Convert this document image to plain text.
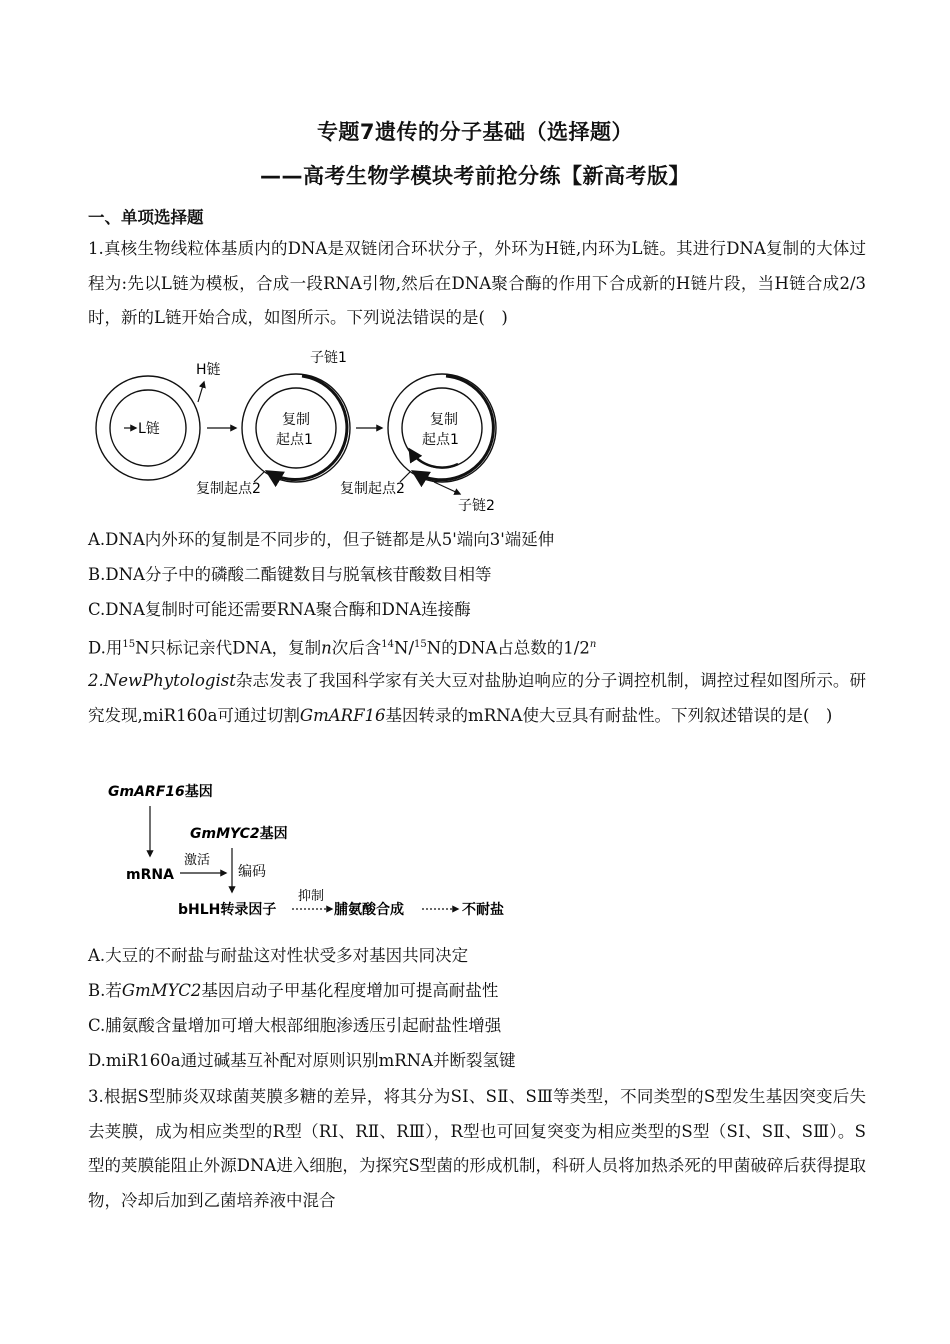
专题7遗传的分子基础（选择题）
——高考生物学模块考前抢分练【新高考版】
一、单项选择题
1.真核生物线粒体基质内的DNA是双链闭合环状分子，外环为H链,内环为L链。其进行DNA复制的大体过程为:先以L链为模板，合成一段RNA引物,然后在DNA聚合酶的作用下合成新的H链片段，当H链合成2/3时，新的L链开始合成，如图所示。下列说法错误的是(　)
L链
H链
复制
起点1
子链1
复制起点2
复制
起点1
复制起点2
子链2
A.DNA内外环的复制是不同步的，但子链都是从5'端向3'端延伸
B.DNA分子中的磷酸二酯键数目与脱氧核苷酸数目相等
C.DNA复制时可能还需要RNA聚合酶和DNA连接酶
D.用$^{15}$N只标记亲代DNA，复制n次后含$^{14}$N/$^{15}$N的DNA占总数的1/2$^n$
2.NewPhytologist杂志发表了我国科学家有关大豆对盐胁迫响应的分子调控机制，调控过程如图所示。研究发现,miR160a可通过切割GmARF16基因转录的mRNA使大豆具有耐盐性。下列叙述错误的是(　)
GmARF16基因
GmMYC2基因
mRNA
激活
编码
bHLH转录因子
抑制
脯氨酸合成	不耐盐
A.大豆的不耐盐与耐盐这对性状受多对基因共同决定
B.若GmMYC2基因启动子甲基化程度增加可提高耐盐性
C.脯氨酸含量增加可增大根部细胞渗透压引起耐盐性增强
D.miR160a通过碱基互补配对原则识别mRNA并断裂氢键
3.根据S型肺炎双球菌荚膜多糖的差异，将其分为SⅠ、SⅡ、SⅢ等类型，不同类型的S型发生基因突变后失去荚膜，成为相应类型的R型（RⅠ、RⅡ、RⅢ），R型也可回复突变为相应类型的S型（SⅠ、SⅡ、SⅢ）。S型的荚膜能阻止外源DNA进入细胞，为探究S型菌的形成机制，科研人员将加热杀死的甲菌破碎后获得提取物，冷却后加到乙菌培养液中混合
